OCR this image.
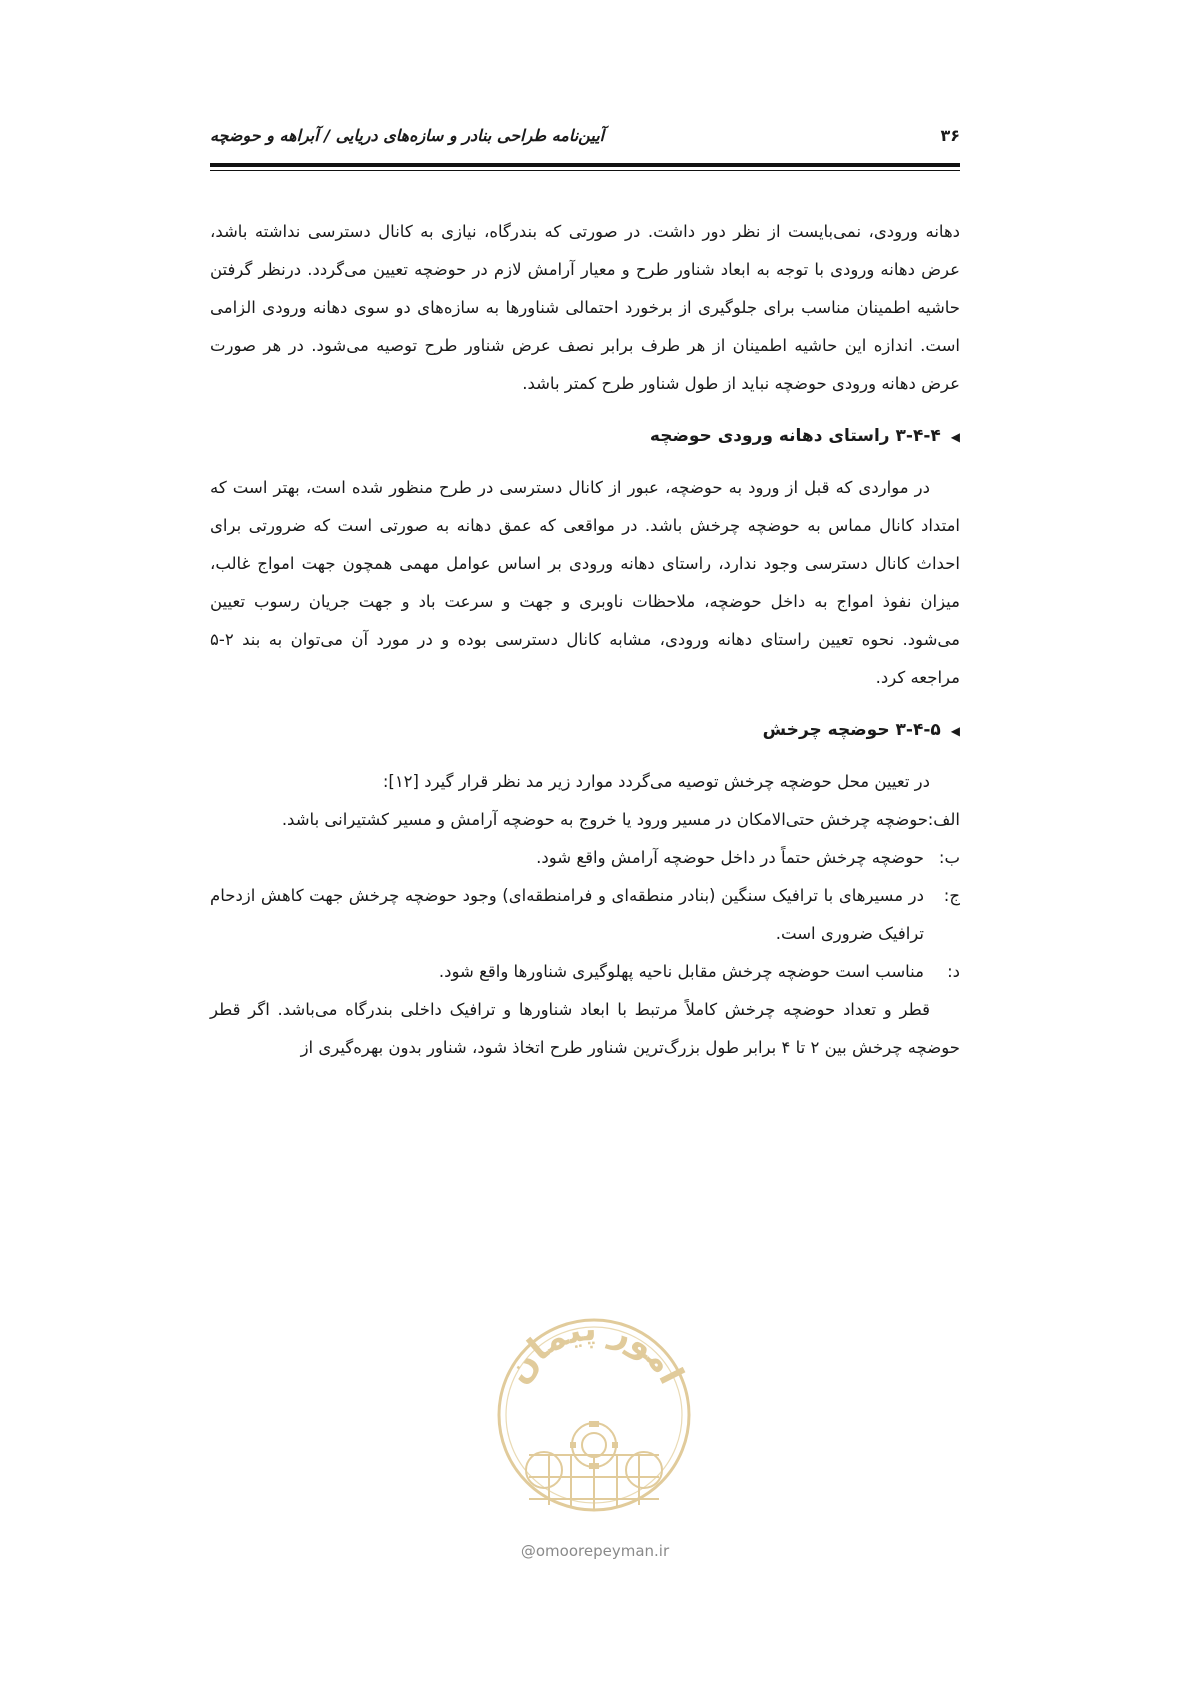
۳۶
آیین‌نامه طراحی بنادر و سازه‌های دریایی / آبراهه و حوضچه

دهانه ورودی، نمی‌بایست از نظر دور داشت. در صورتی که بندرگاه، نیازی به کانال دسترسی نداشته باشد، عرض دهانه ورودی با توجه به ابعاد شناور طرح و معیار آرامش لازم در حوضچه تعیین می‌گردد. درنظر گرفتن حاشیه اطمینان مناسب برای جلوگیری از برخورد احتمالی شناورها به سازه‌های دو سوی دهانه ورودی الزامی است. اندازه این حاشیه اطمینان از هر طرف برابر نصف عرض شناور طرح توصیه می‌شود. در هر صورت عرض دهانه ورودی حوضچه نباید از طول شناور طرح کمتر باشد.

◀۳-۴-۴ راستای دهانه ورودی حوضچه

در مواردی که قبل از ورود به حوضچه، عبور از کانال دسترسی در طرح منظور شده است، بهتر است که امتداد کانال مماس به حوضچه چرخش باشد. در مواقعی که عمق دهانه به صورتی است که ضرورتی برای احداث کانال دسترسی وجود ندارد، راستای دهانه ورودی بر اساس عوامل مهمی همچون جهت امواج غالب، میزان نفوذ امواج به داخل حوضچه، ملاحظات ناوبری و جهت و سرعت باد و جهت جریان رسوب تعیین می‌شود. نحوه تعیین راستای دهانه ورودی، مشابه کانال دسترسی بوده و در مورد آن می‌توان به بند ۲-۵ مراجعه کرد.

◀۳-۴-۵ حوضچه چرخش

در تعیین محل حوضچه چرخش توصیه می‌گردد موارد زیر مد نظر قرار گیرد [۱۲]:

الف:
حوضچه چرخش حتی‌الامکان در مسیر ورود یا خروج به حوضچه آرامش و مسیر کشتیرانی باشد.
ب:
حوضچه چرخش حتماً در داخل حوضچه آرامش واقع شود.
ج:
در مسیرهای با ترافیک سنگین (بنادر منطقه‌ای و فرامنطقه‌ای) وجود حوضچه چرخش جهت کاهش ازدحام ترافیک ضروری است.
د:
مناسب است حوضچه چرخش مقابل ناحیه پهلوگیری شناورها واقع شود.

قطر و تعداد حوضچه چرخش کاملاً مرتبط با ابعاد شناورها و ترافیک داخلی بندرگاه می‌باشد. اگر قطر حوضچه چرخش بین ۲ تا ۴ برابر طول بزرگ‌ترین شناور طرح اتخاذ شود، شناور بدون بهره‌گیری از

امور پیمان
@omoorepeyman.ir
